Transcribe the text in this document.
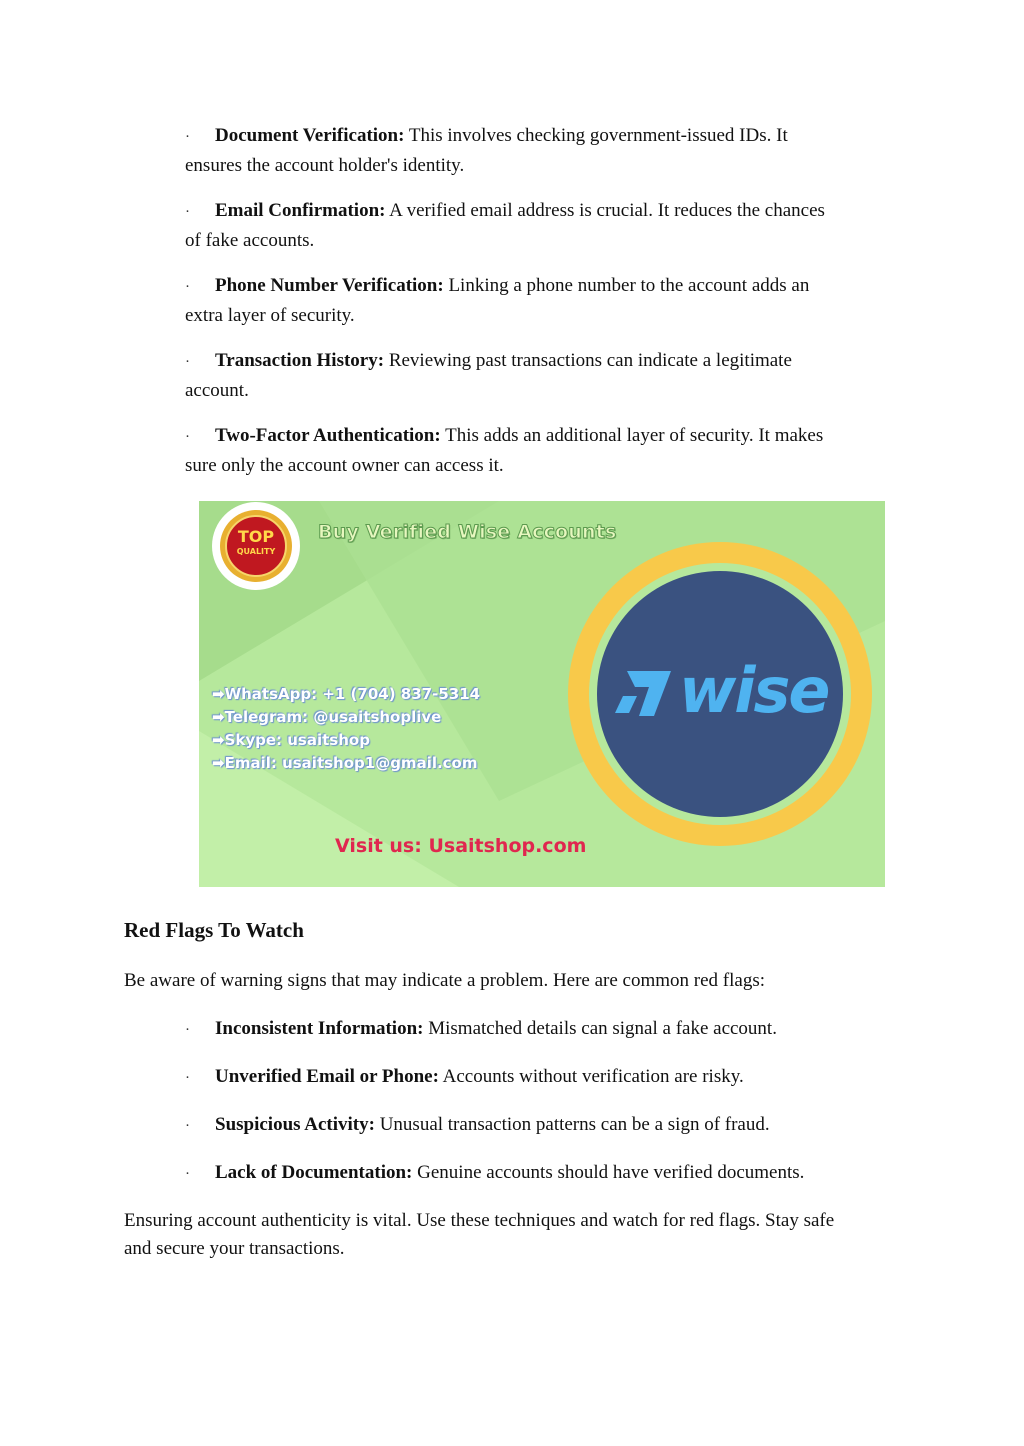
· Document Verification: This involves checking government-issued IDs. It
ensures the account holder's identity.
· Email Confirmation: A verified email address is crucial. It reduces the chances
of fake accounts.
· Phone Number Verification: Linking a phone number to the account adds an
extra layer of security.
· Transaction History: Reviewing past transactions can indicate a legitimate
account.
· Two-Factor Authentication: This adds an additional layer of security. It makes
sure only the account owner can access it.
TOP
QUALITY
Buy Verified Wise Accounts
➡WhatsApp: +1 (704) 837-5314
➡Telegram: @usaitshoplive
➡Skype: usaitshop
➡Email: usaitshop1@gmail.com
wise
Visit us: Usaitshop.com
Red Flags To Watch
Be aware of warning signs that may indicate a problem. Here are common red flags:
· Inconsistent Information: Mismatched details can signal a fake account.
· Unverified Email or Phone: Accounts without verification are risky.
· Suspicious Activity: Unusual transaction patterns can be a sign of fraud.
· Lack of Documentation: Genuine accounts should have verified documents.
Ensuring account authenticity is vital. Use these techniques and watch for red flags. Stay safe
and secure your transactions.
